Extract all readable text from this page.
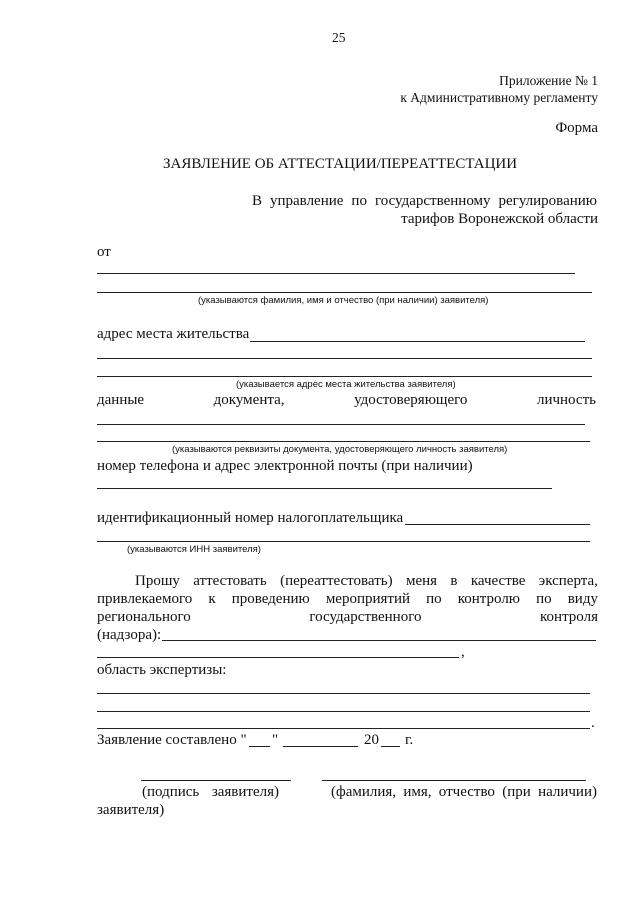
25
Приложение № 1
к Административному регламенту
Форма
ЗАЯВЛЕНИЕ ОБ АТТЕСТАЦИИ/ПЕРЕАТТЕСТАЦИИ
В управление по государственному регулированию
тарифов Воронежской области
от
(указываются фамилия, имя и отчество (при наличии) заявителя)
адрес места жительства
(указывается адрес места жительства заявителя)
данные	документа,	удостоверяющего	личность
(указываются реквизиты документа, удостоверяющего личность заявителя)
номер телефона и адрес электронной почты (при наличии)
идентификационный номер налогоплательщика
(указываются ИНН заявителя)
Прошу аттестовать (переаттестовать) меня в качестве эксперта,
привлекаемого к проведению мероприятий по контролю по виду
регионального	государственного	контроля
(надзора):
,
область экспертизы:
.
Заявление составлено " "	20 г.
(подпись заявителя)	(фамилия, имя, отчество (при наличии)
заявителя)
